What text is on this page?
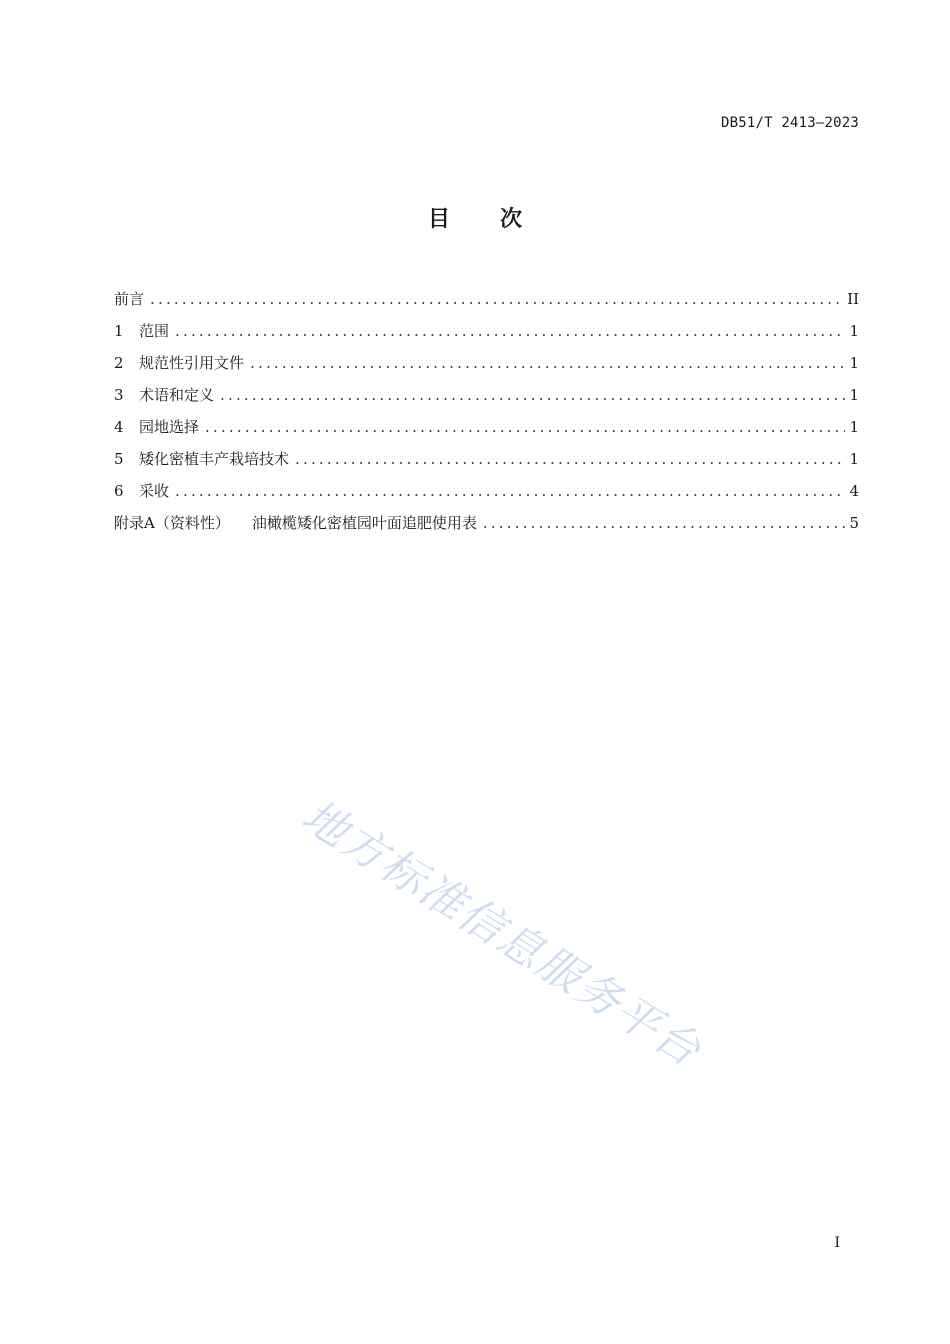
DB51/T 2413—2023
目 次
前言 .....	II
1	范围 .....	1
2	规范性引用文件 .....	1
3	术语和定义 .....	1
4	园地选择 .....	1
5	矮化密植丰产栽培技术 .....	1
6	采收 .....	4
附录A（资料性） 油橄榄矮化密植园叶面追肥使用表 .....	5
地方标准信息服务平台
I
